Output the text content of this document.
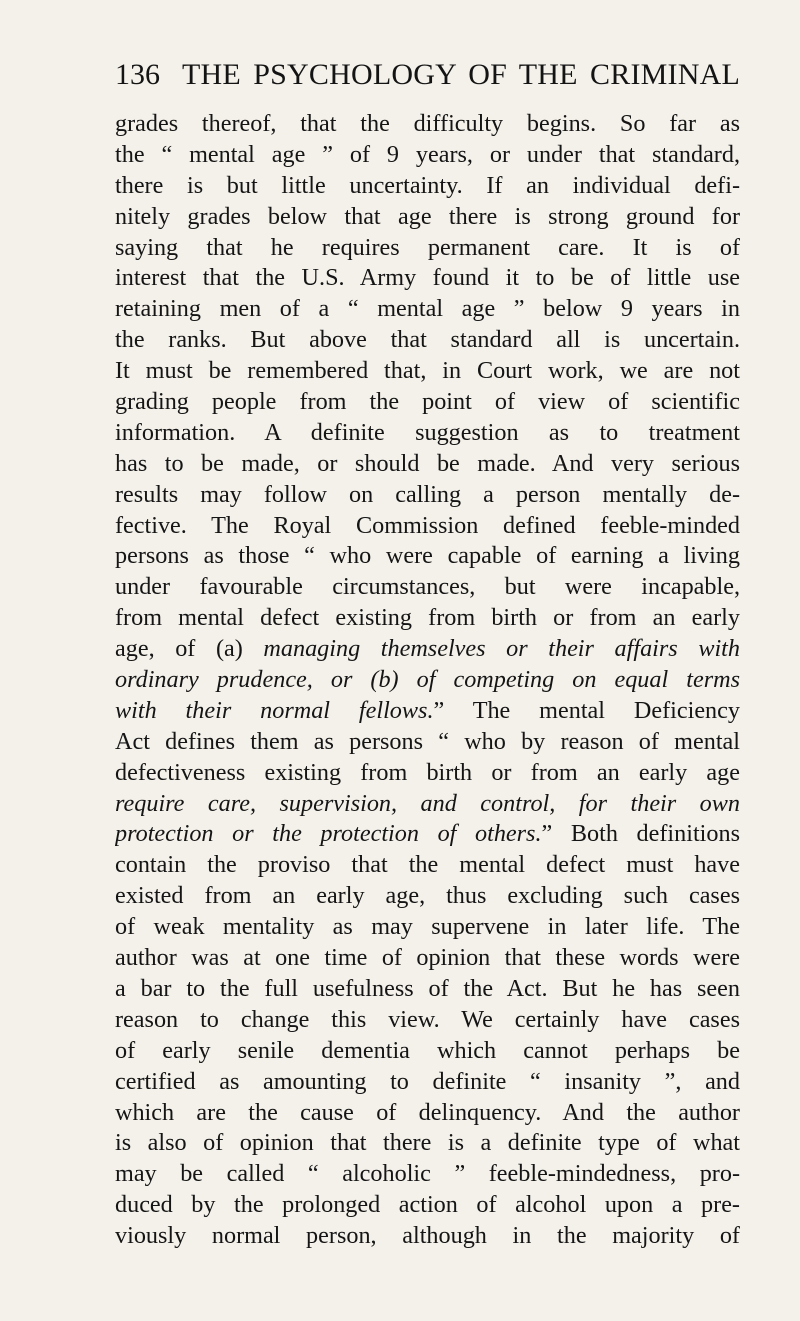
136 THE PSYCHOLOGY OF THE CRIMINAL
grades thereof, that the difficulty begins. So far as
the “ mental age ” of 9 years, or under that standard,
there is but little uncertainty. If an individual defi-
nitely grades below that age there is strong ground for
saying that he requires permanent care. It is of
interest that the U.S. Army found it to be of little use
retaining men of a “ mental age ” below 9 years in
the ranks. But above that standard all is uncertain.
It must be remembered that, in Court work, we are not
grading people from the point of view of scientific
information. A definite suggestion as to treatment
has to be made, or should be made. And very serious
results may follow on calling a person mentally de-
fective. The Royal Commission defined feeble-minded
persons as those “ who were capable of earning a living
under favourable circumstances, but were incapable,
from mental defect existing from birth or from an early
age, of (a) managing themselves or their affairs with
ordinary prudence, or (b) of competing on equal terms
with their normal fellows.” The mental Deficiency
Act defines them as persons “ who by reason of mental
defectiveness existing from birth or from an early age
require care, supervision, and control, for their own
protection or the protection of others.” Both definitions
contain the proviso that the mental defect must have
existed from an early age, thus excluding such cases
of weak mentality as may supervene in later life. The
author was at one time of opinion that these words were
a bar to the full usefulness of the Act. But he has seen
reason to change this view. We certainly have cases
of early senile dementia which cannot perhaps be
certified as amounting to definite “ insanity ”, and
which are the cause of delinquency. And the author
is also of opinion that there is a definite type of what
may be called “ alcoholic ” feeble-mindedness, pro-
duced by the prolonged action of alcohol upon a pre-
viously normal person, although in the majority of
